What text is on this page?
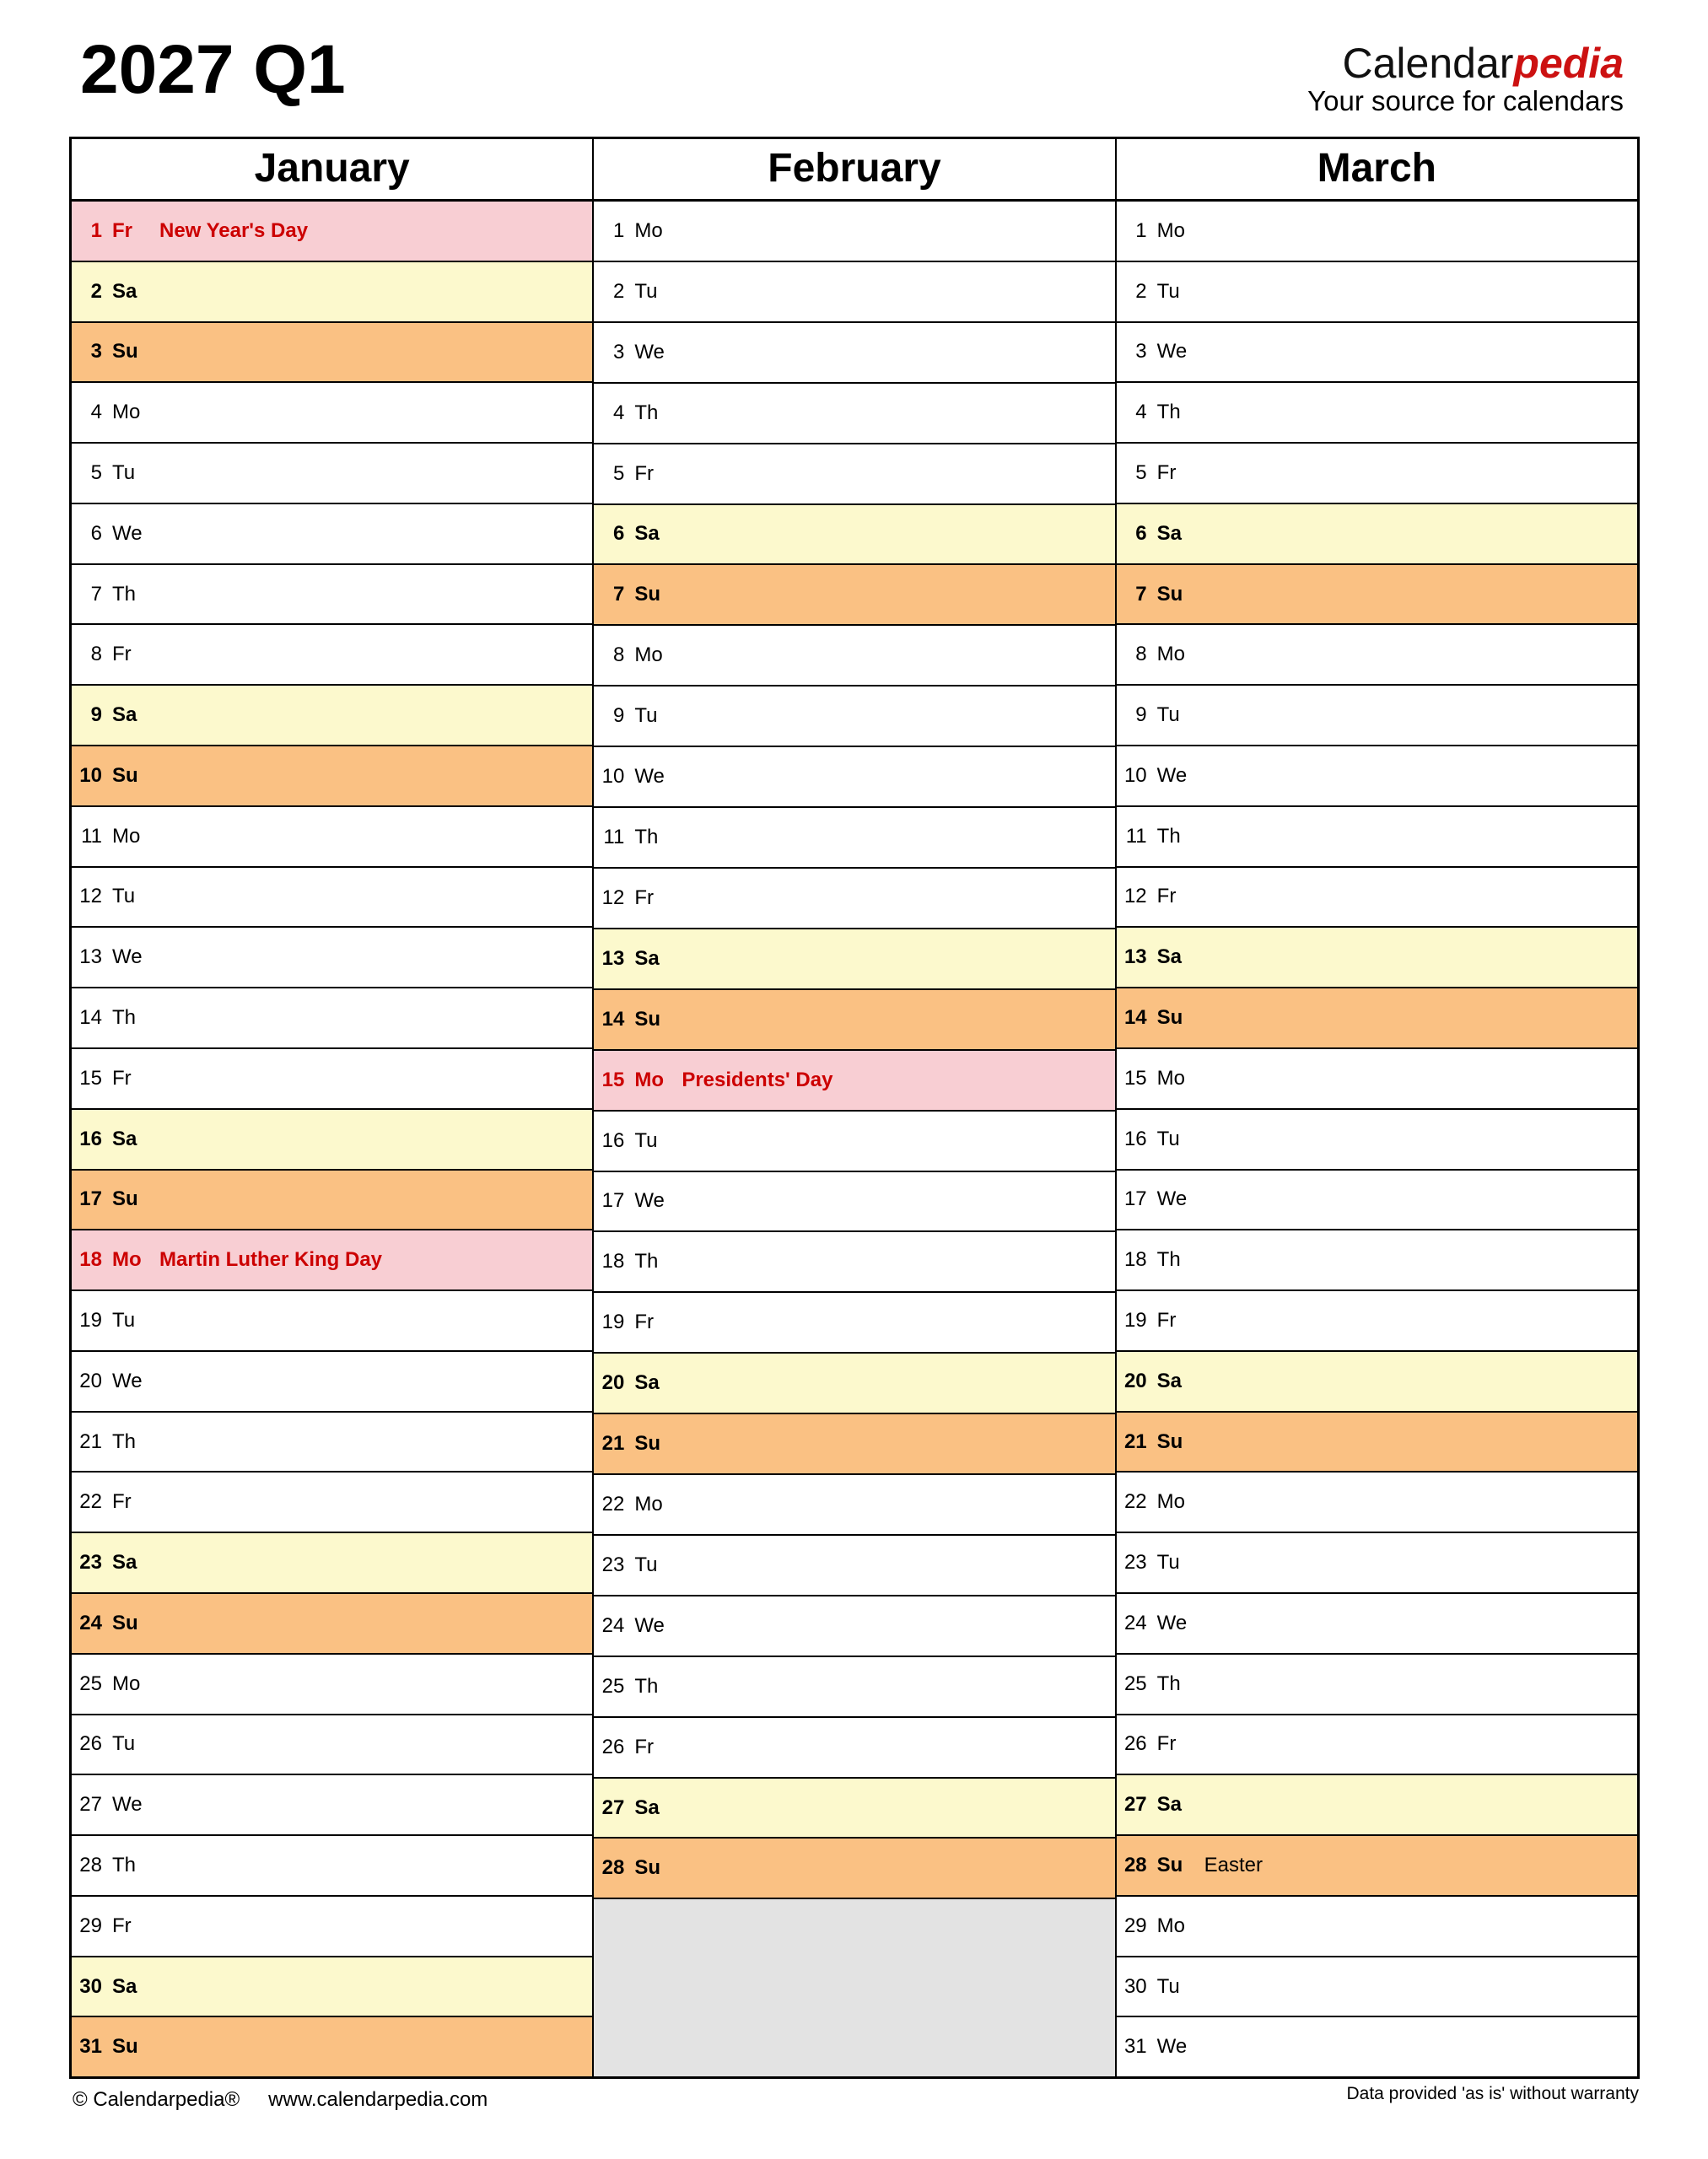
2027 Q1	Calendarpedia
Your source for calendars
January
1 Fr	New Year's Day
2 Sa
3 Su
4 Mo
5 Tu
6 We
7 Th
8 Fr
9 Sa
10 Su
11 Mo
12 Tu
13 We
14 Th
15 Fr
16 Sa
17 Su
18 Mo Martin Luther King Day
19 Tu
20 We
21 Th
22 Fr
23 Sa
24 Su
25 Mo
26 Tu
27 We
28 Th
29 Fr
30 Sa
31 Su
February
1 Mo
2 Tu
3 We
4 Th
5 Fr
6 Sa
7 Su
8 Mo
9 Tu
10 We
11 Th
12 Fr
13 Sa
14 Su
15 Mo Presidents' Day
16 Tu
17 We
18 Th
19 Fr
20 Sa
21 Su
22 Mo
23 Tu
24 We
25 Th
26 Fr
27 Sa
28 Su
March
1 Mo
2 Tu
3 We
4 Th
5 Fr
6 Sa
7 Su
8 Mo
9 Tu
10 We
11 Th
12 Fr
13 Sa
14 Su
15 Mo
16 Tu
17 We
18 Th
19 Fr
20 Sa
21 Su
22 Mo
23 Tu
24 We
25 Th
26 Fr
27 Sa
28 Su	Easter
29 Mo
30 Tu
31 We
© Calendarpedia® www.calendarpedia.com	Data provided 'as is' without warranty
